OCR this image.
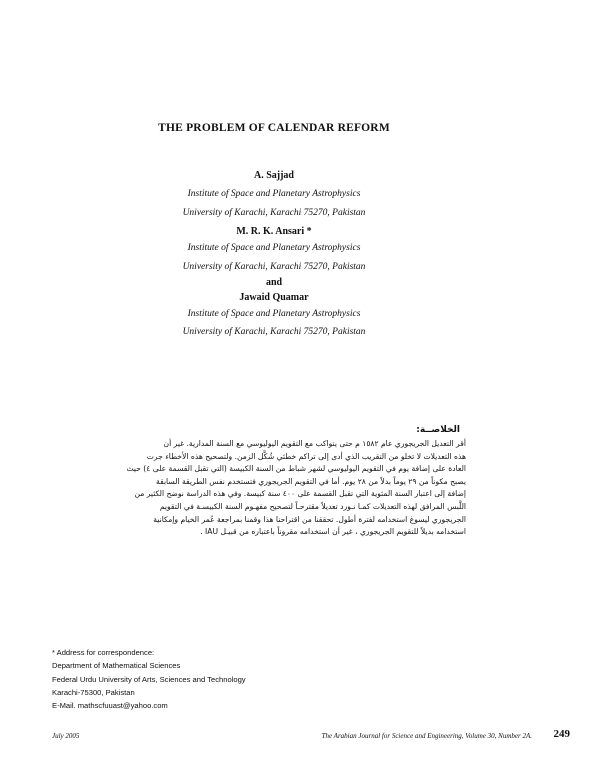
THE PROBLEM OF CALENDAR REFORM
A. Sajjad
Institute of Space and Planetary Astrophysics
University of Karachi, Karachi 75270, Pakistan
M. R. K. Ansari *
Institute of Space and Planetary Astrophysics
University of Karachi, Karachi 75270, Pakistan
and
Jawaid Quamar
Institute of Space and Planetary Astrophysics
University of Karachi, Karachi 75270, Pakistan
الخلاصــة:
أقر التعديل الجريجوري عام ١٥٨٢ م حتى يتواكب مع التقويم اليوليوسي مع السنة المدارية. غير أن
هذه التعديلات لا تخلو من التقريب الذي أدى إلى تراكم خطئي شُكَّل الزمن. ولتصحيح هذه الأخطاء جرت
العادة على إضافة يوم في التقويم اليوليوسي لشهر شباط من السنة الكبيسة (التي تقبل القسمة على ٤) حيث
يصبح مكوناً من ٢٩ يوماً بدلاً من ٢٨ يوم. أما في التقويم الجريجوري فتستخدم نفس الطريقة السابقة
إضافة إلى اعتبار السنة المئوية التي تقبل القسمة على ٤٠٠ سنة كبيسة. وفي هذه الدراسة نوضح الكثير من
اللَّبس المرافق لهذه التعديلات كمـا نـورد تعديلاً مقترحـاً لتصحيح مفهـوم السنة الكبيسـة في التقويم
الجريجوري ليسوغ استخدامه لفترة أطول. تحققنا من اقتراحنا هذا وقمنا بمراجعة عُمر الخيام وإمكانية
استخدامه بديلاً للتقويم الجريجوري ، غير أن استخدامه مقروناً باعتباره من قبيـل IAU .
* Address for correspondence:
Department of Mathematical Sciences
Federal Urdu University of Arts, Sciences and Technology
Karachi-75300, Pakistan
E-Mail. mathscfuuast@yahoo.com
July 2005	The Arabian Journal for Science and Engineering, Volume 30, Number 2A. 249
